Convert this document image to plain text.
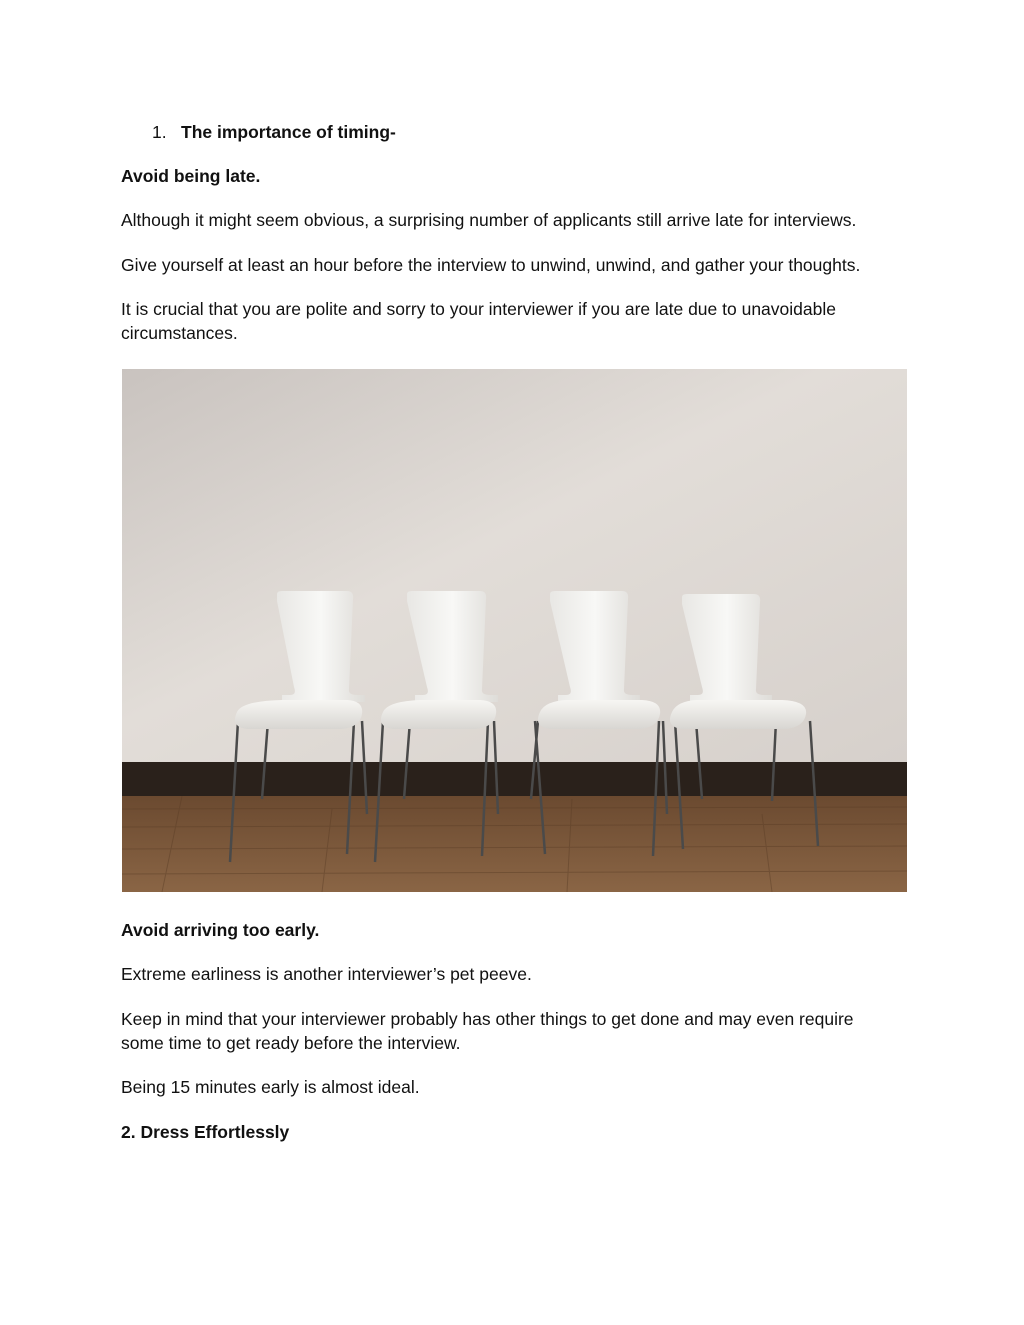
1. The importance of timing-

Avoid being late.

Although it might seem obvious, a surprising number of applicants still arrive late for interviews.

Give yourself at least an hour before the interview to unwind, unwind, and gather your thoughts.

It is crucial that you are polite and sorry to your interviewer if you are late due to unavoidable circumstances.

Avoid arriving too early.

Extreme earliness is another interviewer’s pet peeve.

Keep in mind that your interviewer probably has other things to get done and may even require some time to get ready before the interview.

Being 15 minutes early is almost ideal.

2. Dress Effortlessly
